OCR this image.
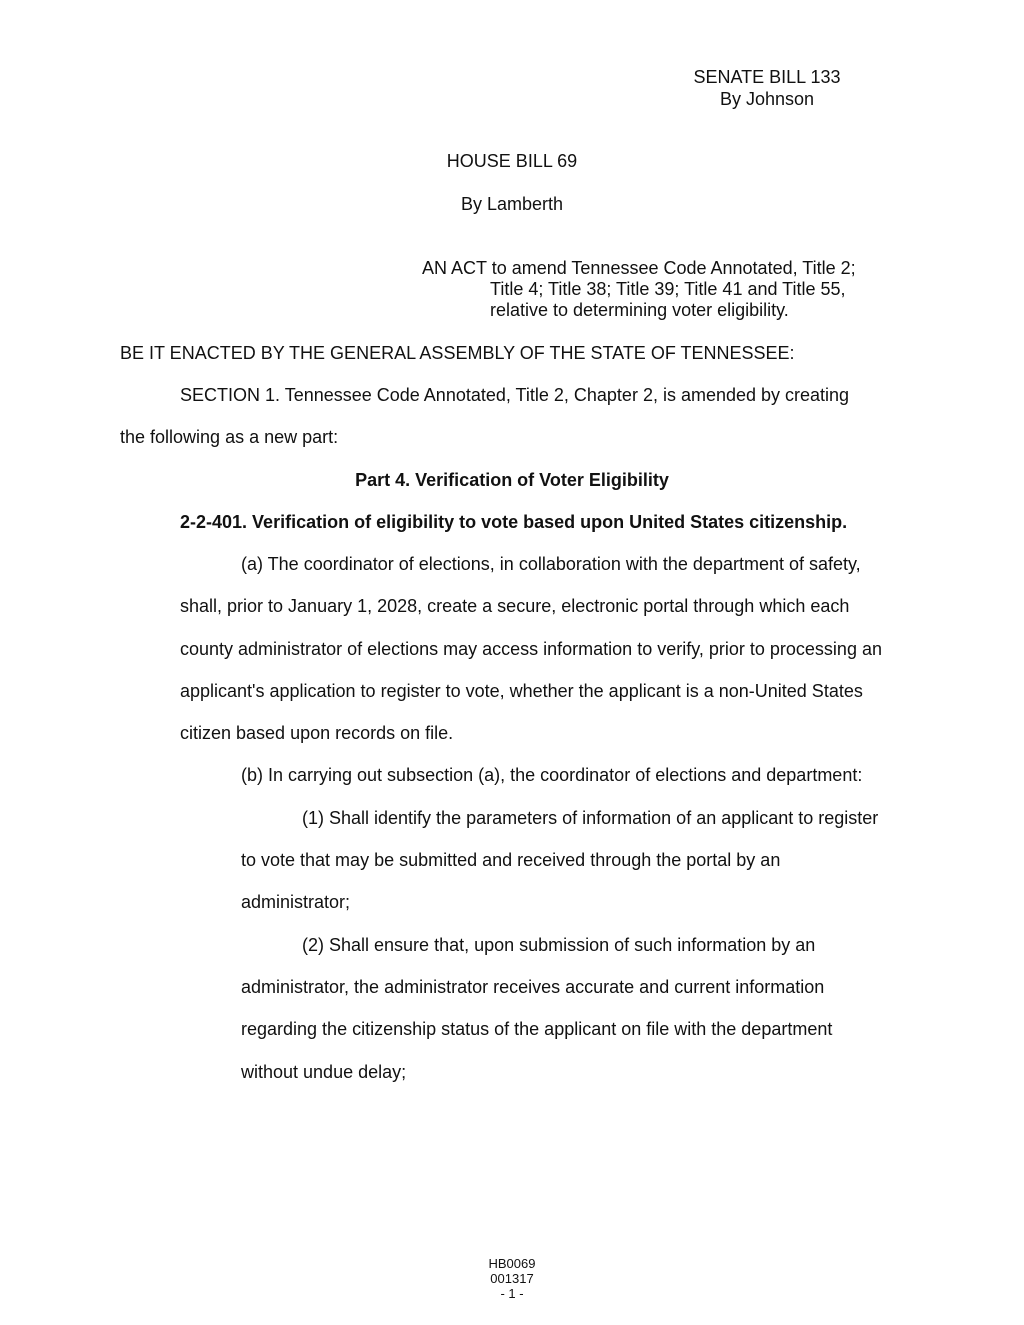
SENATE BILL 133
By Johnson
HOUSE BILL 69
By Lamberth
AN ACT to amend Tennessee Code Annotated, Title 2;
Title 4; Title 38; Title 39; Title 41 and Title 55,
relative to determining voter eligibility.
BE IT ENACTED BY THE GENERAL ASSEMBLY OF THE STATE OF TENNESSEE:
SECTION 1. Tennessee Code Annotated, Title 2, Chapter 2, is amended by creating
the following as a new part:
Part 4. Verification of Voter Eligibility
2-2-401. Verification of eligibility to vote based upon United States citizenship.
(a) The coordinator of elections, in collaboration with the department of safety,
shall, prior to January 1, 2028, create a secure, electronic portal through which each
county administrator of elections may access information to verify, prior to processing an
applicant's application to register to vote, whether the applicant is a non-United States
citizen based upon records on file.
(b) In carrying out subsection (a), the coordinator of elections and department:
(1) Shall identify the parameters of information of an applicant to register
to vote that may be submitted and received through the portal by an
administrator;
(2) Shall ensure that, upon submission of such information by an
administrator, the administrator receives accurate and current information
regarding the citizenship status of the applicant on file with the department
without undue delay;
HB0069
001317
- 1 -
